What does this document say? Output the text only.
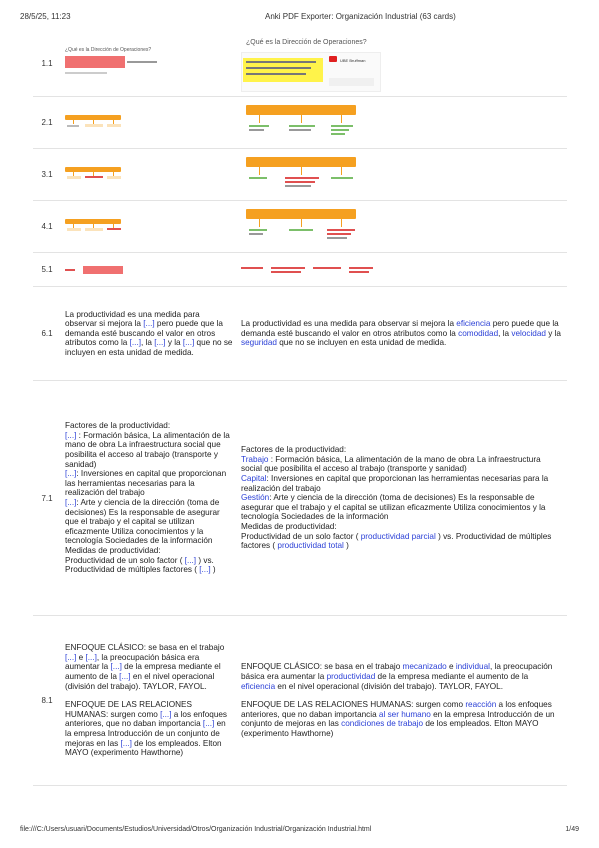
28/5/25, 11:23	Anki PDF Exporter: Organización Industrial (63 cards)
1.1
¿Qué es la Dirección de Operaciones?
¿Qué es la Dirección de Operaciones?
UBE Bruffman
2.1
3.1
4.1
5.1
6.1

La productividad es una medida para observar si mejora la [...] pero puede que la demanda esté buscando el valor en otros atributos como la [...], la [...] y la [...] que no se incluyen en esta unidad de medida.

La productividad es una medida para observar si mejora la eficiencia pero puede que la demanda esté buscando el valor en otros atributos como la comodidad, la velocidad y la seguridad que no se incluyen en esta unidad de medida.

7.1

Factores de la productividad:

[...] : Formación básica, La alimentación de la mano de obra La infraestructura social que posibilita el acceso al trabajo (transporte y sanidad)

[...]: Inversiones en capital que proporcionan las herramientas necesarias para la realización del trabajo

[...]: Arte y ciencia de la dirección (toma de decisiones) Es la responsable de asegurar que el trabajo y el capital se utilizan eficazmente Utiliza conocimientos y la tecnología Sociedades de la información

Medidas de productividad:

Productividad de un solo factor ( [...] ) vs. Productividad de múltiples factores ( [...] )

Factores de la productividad:

Trabajo : Formación básica, La alimentación de la mano de obra La infraestructura social que posibilita el acceso al trabajo (transporte y sanidad)

Capital: Inversiones en capital que proporcionan las herramientas necesarias para la realización del trabajo

Gestión: Arte y ciencia de la dirección (toma de decisiones) Es la responsable de asegurar que el trabajo y el capital se utilizan eficazmente Utiliza conocimientos y la tecnología Sociedades de la información

Medidas de productividad:

Productividad de un solo factor ( productividad parcial ) vs. Productividad de múltiples factores ( productividad total )

8.1

ENFOQUE CLÁSICO: se basa en el trabajo [...] e [...], la preocupación básica era aumentar la [...] de la empresa mediante el aumento de la [...] en el nivel operacional (división del trabajo). TAYLOR, FAYOL.

ENFOQUE DE LAS RELACIONES HUMANAS: surgen como [...] a los enfoques anteriores, que no daban importancia [...] en la empresa Introducción de un conjunto de mejoras en las [...] de los empleados. Elton MAYO (experimento Hawthorne)

ENFOQUE CLÁSICO: se basa en el trabajo mecanizado e individual, la preocupación básica era aumentar la productividad de la empresa mediante el aumento de la eficiencia en el nivel operacional (división del trabajo). TAYLOR, FAYOL.

ENFOQUE DE LAS RELACIONES HUMANAS: surgen como reacción a los enfoques anteriores, que no daban importancia al ser humano en la empresa Introducción de un conjunto de mejoras en las condiciones de trabajo de los empleados. Elton MAYO (experimento Hawthorne)

file:///C:/Users/usuari/Documents/Estudios/Universidad/Otros/Organización Industrial/Organización Industrial.html	1/49
